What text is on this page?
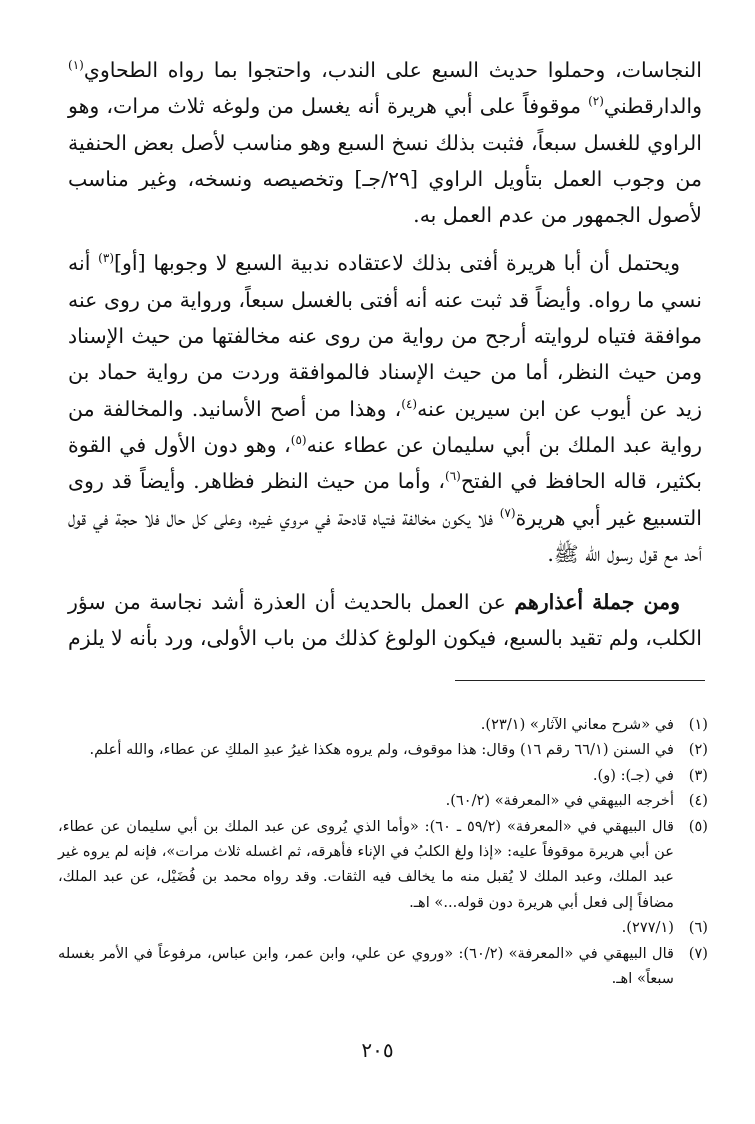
النجاسات، وحملوا حديث السبع على الندب، واحتجوا بما رواه الطحاوي$^{(١)}$ والدارقطني$^{(٢)}$ موقوفاً على أبي هريرة أنه يغسل من ولوغه ثلاث مرات، وهو الراوي للغسل سبعاً، فثبت بذلك نسخ السبع وهو مناسب لأصل بعض الحنفية من وجوب العمل بتأويل الراوي [٢٩/جـ] وتخصيصه ونسخه، وغير مناسب لأصول الجمهور من عدم العمل به.

ويحتمل أن أبا هريرة أفتى بذلك لاعتقاده ندبية السبع لا وجوبها [أو]$^{(٣)}$ أنه نسي ما رواه. وأيضاً قد ثبت عنه أنه أفتى بالغسل سبعاً، ورواية من روى عنه موافقة فتياه لروايته أرجح من رواية من روى عنه مخالفتها من حيث الإسناد ومن حيث النظر، أما من حيث الإسناد فالموافقة وردت من رواية حماد بن زيد عن أيوب عن ابن سيرين عنه$^{(٤)}$، وهذا من أصح الأسانيد. والمخالفة من رواية عبد الملك بن أبي سليمان عن عطاء عنه$^{(٥)}$، وهو دون الأول في القوة بكثير، قاله الحافظ في الفتح$^{(٦)}$، وأما من حيث النظر فظاهر. وأيضاً قد روى التسبيع غير أبي هريرة$^{(٧)}$ فلا يكون مخالفة فتياه قادحة في مروي غيره، وعلى كل حال فلا حجة في قول أحد مع قول رسول الله ﷺ.

ومن جملة أعذارهم عن العمل بالحديث أن العذرة أشد نجاسة من سؤر الكلب، ولم تقيد بالسبع، فيكون الولوغ كذلك من باب الأولى، ورد بأنه لا يلزم

(١)
في «شرح معاني الآثار» (٢٣/١).
(٢)
في السنن (٦٦/١ رقم ١٦) وقال: هذا موقوف، ولم يروه هكذا غيرُ عبدِ الملكِ عن عطاء، والله أعلم.
(٣)
في (جـ): (و).
(٤)
أخرجه البيهقي في «المعرفة» (٦٠/٢).
(٥)
قال البيهقي في «المعرفة» (٥٩/٢ ـ ٦٠): «وأما الذي يُروى عن عبد الملك بن أبي سليمان عن عطاء، عن أبي هريرة موقوفاً عليه: «إذا ولغ الكلبُ في الإناء فأهرقه، ثم اغسله ثلاث مرات»، فإنه لم يروه غير عبد الملك، وعبد الملك لا يُقبل منه ما يخالف فيه الثقات. وقد رواه محمد بن فُضَيْل، عن عبد الملك، مضافاً إلى فعل أبي هريرة دون قوله...» اهـ.
(٦)
(٢٧٧/١).
(٧)
قال البيهقي في «المعرفة» (٦٠/٢): «وروي عن علي، وابن عمر، وابن عباس، مرفوعاً في الأمر بغسله سبعاً» اهـ.
٢٠٥
